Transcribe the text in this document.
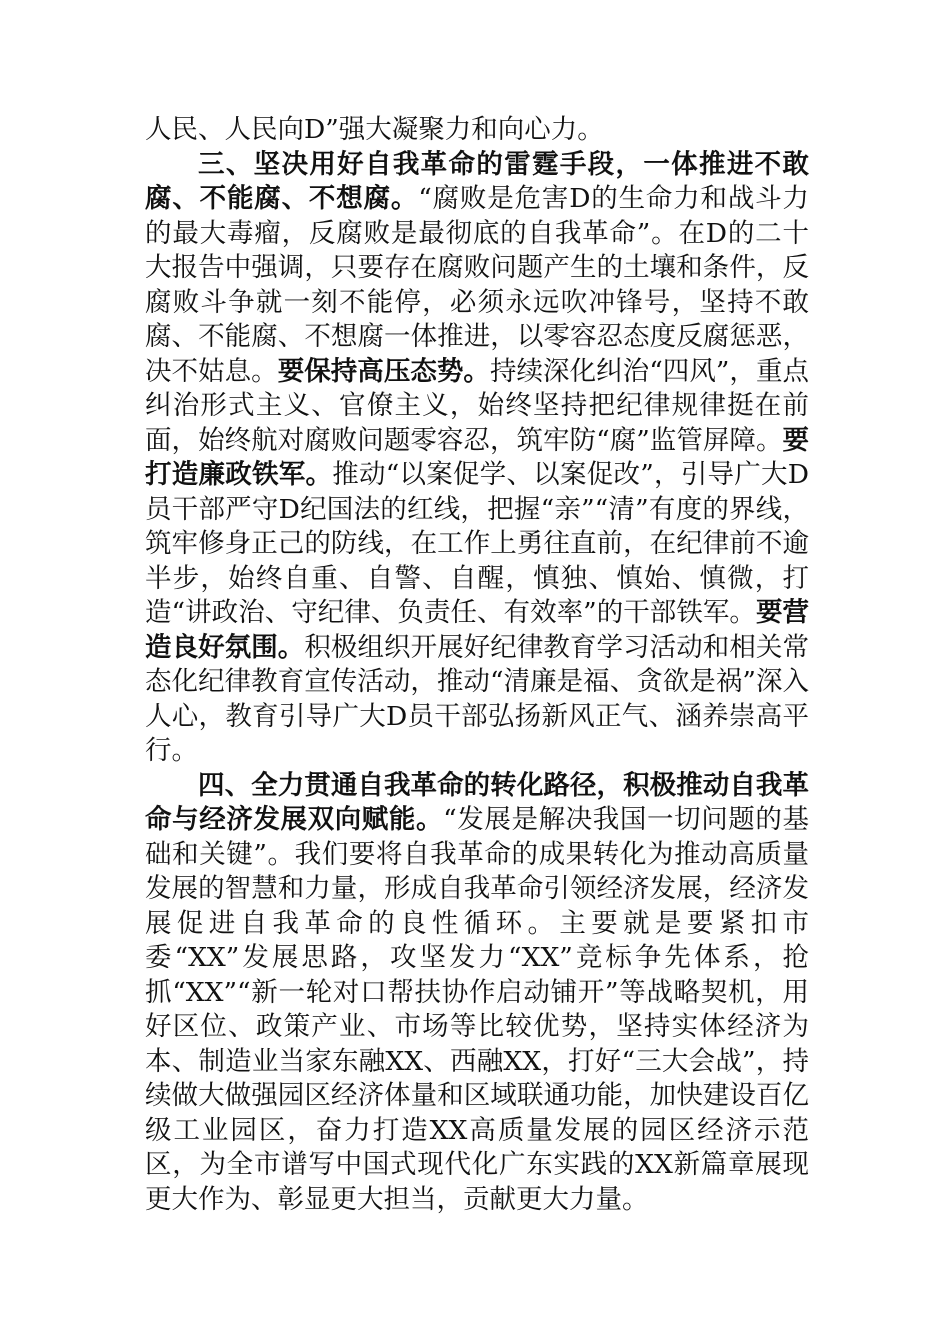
人民、人民向D”强大凝聚力和向心力。

三、坚决用好自我革命的雷霆手段，一体推进不敢腐、不能腐、不想腐。“腐败是危害D的生命力和战斗力的最大毒瘤，反腐败是最彻底的自我革命”。在D的二十大报告中强调，只要存在腐败问题产生的土壤和条件，反腐败斗争就一刻不能停，必须永远吹冲锋号，坚持不敢腐、不能腐、不想腐一体推进，以零容忍态度反腐惩恶，决不姑息。要保持高压态势。持续深化纠治“四风”，重点纠治形式主义、官僚主义，始终坚持把纪律规律挺在前面，始终航对腐败问题零容忍，筑牢防“腐”监管屏障。要打造廉政铁军。推动“以案促学、以案促改”，引导广大D员干部严守D纪国法的红线，把握“亲”“清”有度的界线，筑牢修身正己的防线，在工作上勇往直前，在纪律前不逾半步，始终自重、自警、自醒，慎独、慎始、慎微，打造“讲政治、守纪律、负责任、有效率”的干部铁军。要营造良好氛围。积极组织开展好纪律教育学习活动和相关常态化纪律教育宣传活动，推动“清廉是福、贪欲是祸”深入人心，教育引导广大D员干部弘扬新风正气、涵养崇高平行。

四、全力贯通自我革命的转化路径，积极推动自我革命与经济发展双向赋能。“发展是解决我国一切问题的基础和关键”。我们要将自我革命的成果转化为推动高质量发展的智慧和力量，形成自我革命引领经济发展，经济发展促进自我革命的良性循环。主要就是要紧扣市委“XX”发展思路，攻坚发力“XX”竞标争先体系，抢抓“XX”“新一轮对口帮扶协作启动铺开”等战略契机，用好区位、政策产业、市场等比较优势，坚持实体经济为本、制造业当家东融XX、西融XX，打好“三大会战”，持续做大做强园区经济体量和区域联通功能，加快建设百亿级工业园区，奋力打造XX高质量发展的园区经济示范区，为全市谱写中国式现代化广东实践的XX新篇章展现更大作为、彰显更大担当，贡献更大力量。
